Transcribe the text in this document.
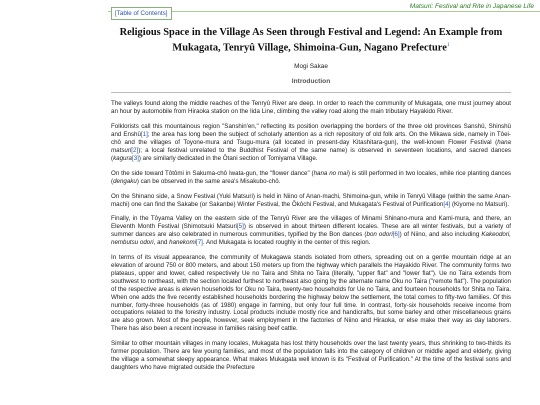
Matsuri: Festival and Rite in Japanese Life
[Table of Contents]
Religious Space in the Village As Seen through Festival and Legend: An Example from Mukagata, Tenryû Village, Shimoina-Gun, Nagano Prefecture$^1$
Mogi Sakae
Introduction

The valleys found along the middle reaches of the Tenryû River are deep. In order to reach the community of Mukagata, one must journey about an hour by automobile from Hiraoka station on the Iida Line, climbing the valley road along the main tributary Hayakido River.

Folklorists call this mountainous region "Sanshin'en," reflecting its position overlapping the borders of the three old provinces Sanshû, Shinshû and Enshû[1]; the area has long been the subject of scholarly attention as a rich repository of old folk arts. On the Mikawa side, namely in Tôei-chô and the villages of Toyone-mura and Tsugu-mura (all located in present-day Kitashitara-gun), the well-known Flower Festival (hana matsuri[2]); a local festival unrelated to the Buddhist Festival of the same name) is observed in seventeen locations, and sacred dances (kagura[3]) are similarly dedicated in the Ôtani section of Tomiyama Village.

On the side toward Tôtômi in Sakuma-chô Iwata-gun, the "flower dance" (hana no mai) is still performed in two locales, while rice planting dances (dengaku) can be observed in the same area's Misakubo-chô.

On the Shinano side, a Snow Festival (Yuki Matsuri) is held in Niino of Anan-machi, Shimoina-gun, while in Tenryû Village (within the same Anan-machi) one can find the Sakabe (or Sakanbe) Winter Festival, the Ôkôchi Festival, and Mukagata's Festival of Purification[4] (Kiyome no Matsuri).

Finally, in the Tôyama Valley on the eastern side of the Tenryû River are the villages of Minami Shinano-mura and Kami-mura, and there, an Eleventh Month Festival (Shimotsuki Matsuri[5]) is observed in about thirteen different locales. These are all winter festivals, but a variety of summer dances are also celebrated in numerous communities, typified by the Bon dances (bon odori[6]) of Niino, and also including Kakeodori, nembutsu odori, and hanekomi[7]. And Mukagata is located roughly in the center of this region.

In terms of its visual appearance, the community of Mukagawa stands isolated from others, spreading out on a gentle mountain ridge at an elevation of around 750 or 800 meters, and about 150 meters up from the highway which parallels the Hayakido River. The community forms two plateaus, upper and lower, called respectively Ue no Taira and Shita no Taira (literally, "upper flat" and "lower flat"). Ue no Taira extends from southwest to northeast, with the section located furthest to northeast also going by the alternate name Oku no Taira ("remote flat"). The population of the respective areas is eleven households for Oku no Taira, twenty-two households for Ue no Taira, and fourteen households for Shita no Taira. When one adds the five recently established households bordering the highway below the settlement, the total comes to fifty-two families. Of this number, forty-three households (as of 1980) engage in farming, but only four full time. In contrast, forty-six households receive income from occupations related to the forestry industry. Local products include mostly rice and handicrafts, but some barley and other miscellaneous grains are also grown. Most of the people, however, seek employment in the factories of Niino and Hiraoka, or else make their way as day laborers. There has also been a recent increase in families raising beef cattle.

Similar to other mountain villages in many locales, Mukagata has lost thirty households over the last twenty years, thus shrinking to two-thirds its former population. There are few young families, and most of the population falls into the category of children or middle aged and elderly, giving the village a somewhat sleepy appearance. What makes Mukagata well known is its "Festival of Purification." At the time of the festival sons and daughters who have migrated outside the Prefecture
